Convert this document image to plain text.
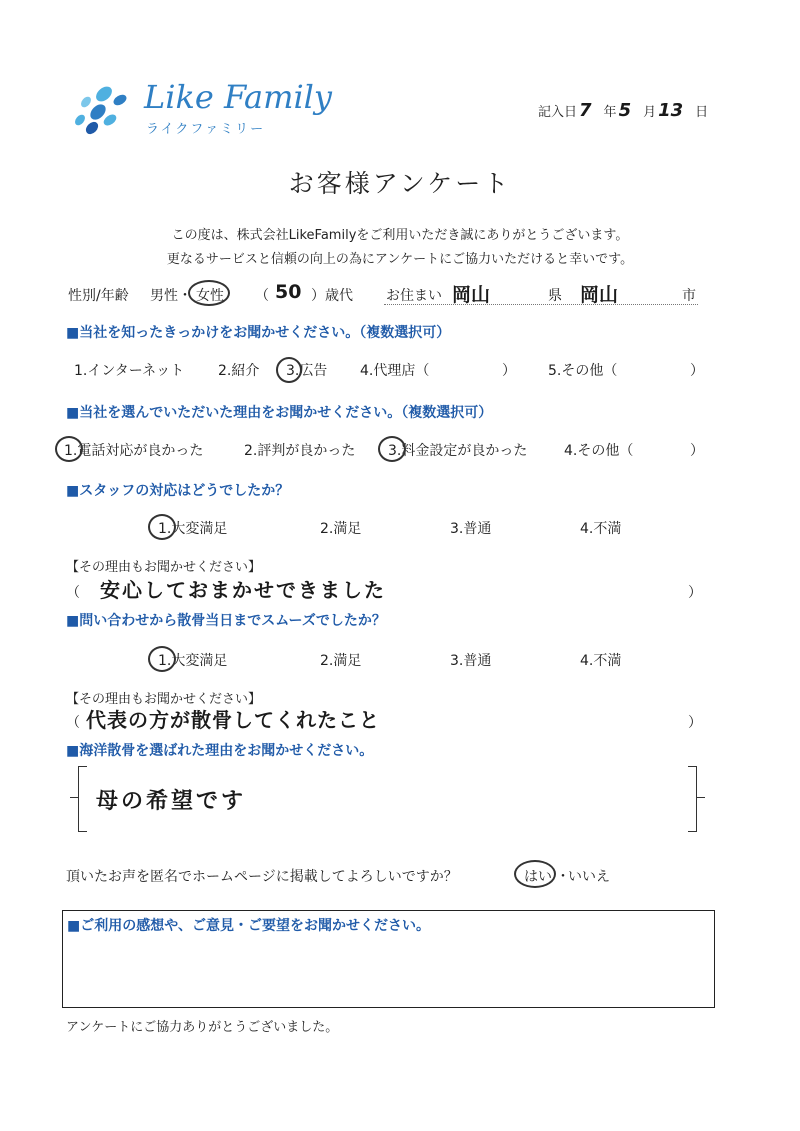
Like Family
ライクファミリー
記入日 7 年 5 月 13 日
お客様アンケート
この度は、株式会社LikeFamilyをご利用いただき誠にありがとうございます。
更なるサービスと信頼の向上の為にアンケートにご協力いただけると幸いです。
性別/年齢 男性・ 女性 （ 50 ）歳代 お住まい 岡山	県 岡山	市
■当社を知ったきっかけをお聞かせください。（複数選択可）
1.インターネット 2.紹介 3.広告 4.代理店（	） 5.その他（	）
■当社を選んでいただいた理由をお聞かせください。（複数選択可）
1.電話対応が良かった	2.評判が良かった 3.料金設定が良かった	4.その他（	）
■スタッフの対応はどうでしたか？
1.大変満足	2.満足	3.普通	4.不満
【その理由もお聞かせください】
（ 安心しておまかせできました	）
■問い合わせから散骨当日までスムーズでしたか？
1.大変満足	2.満足	3.普通	4.不満
【その理由もお聞かせください】
（ 代表の方が散骨してくれたこと	）
■海洋散骨を選ばれた理由をお聞かせください。
母の希望です
頂いたお声を匿名でホームページに掲載してよろしいですか？	はい ・
いいえ
■ご利用の感想や、ご意見・ご要望をお聞かせください。
アンケートにご協力ありがとうございました。
